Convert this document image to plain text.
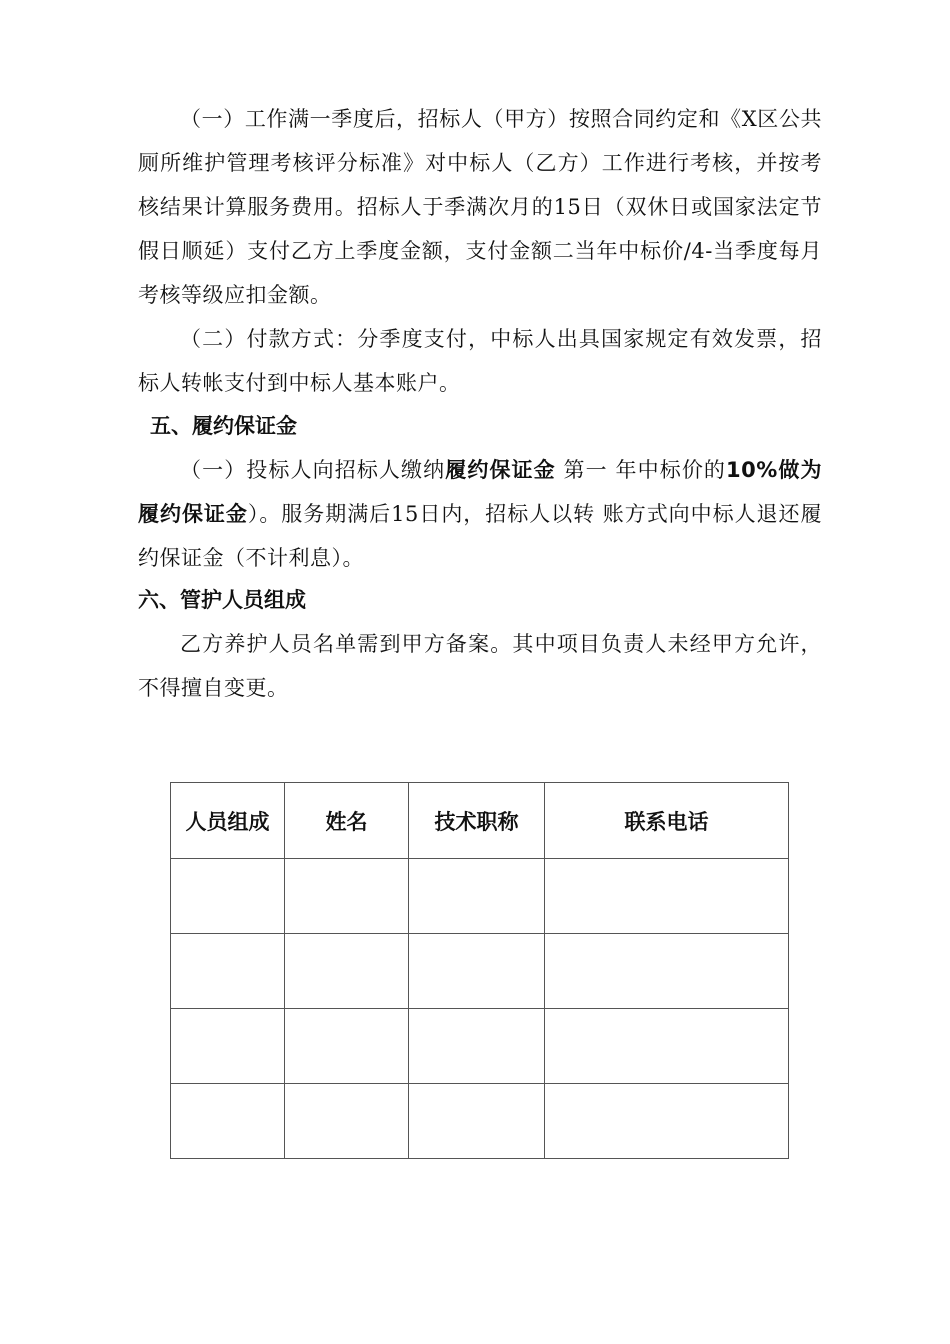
（一）工作满一季度后，招标人（甲方）按照合同约定和《X区公共厕所维护管理考核评分标准》对中标人（乙方）工作进行考核，并按考核结果计算服务费用。招标人于季满次月的15日（双休日或国家法定节假日顺延）支付乙方上季度金额，支付金额二当年中标价/4-当季度每月考核等级应扣金额。

（二）付款方式：分季度支付，中标人出具国家规定有效发票，招标人转帐支付到中标人基本账户。

五、履约保证金

（一）投标人向招标人缴纳履约保证金 第一 年中标价的10%做为履约保证金）。服务期满后15日内，招标人以转 账方式向中标人退还履约保证金（不计利息）。

六、管护人员组成

乙方养护人员名单需到甲方备案。其中项目负责人未经甲方允许，不得擅自变更。

人员组成	姓名	技术职称	联系电话
